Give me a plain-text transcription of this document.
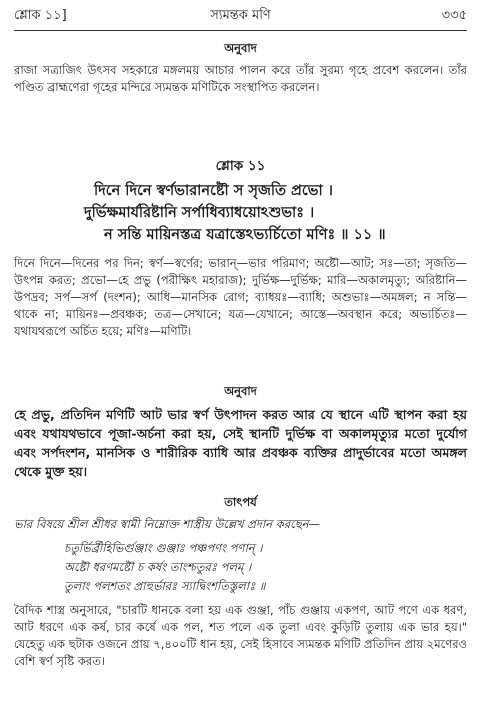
শ্লোক ১১]	স্যমন্তক মণি	৩৩৫
অনুবাদ
রাজা সত্রাজিৎ উৎসব সহকারে মঙ্গলময় আচার পালন করে তাঁর সুরম্য গৃহে প্রবেশ করলেন। তাঁর পণ্ডিত ব্রাহ্মণেরা গৃহের মন্দিরে স্যমন্তক মণিটিকে সংস্থাপিত করলেন।
শ্লোক ১১
দিনে দিনে স্বর্ণভারানষ্টৌ স সৃজতি প্রভো ।
দুর্ভিক্ষমার্যরিষ্টানি সর্পাধিব্যাধয়োঽশুভাঃ ।
ন সন্তি মায়িনস্তত্র যত্রাস্তেঽভ্যর্চিতো মণিঃ ॥ ১১ ॥
দিনে দিনে—দিনের পর দিন; স্বর্ণ—স্বর্ণের; ভারান্—ভার পরিমাণ; অষ্টৌ—আট; সঃ—তা; সৃজতি—উৎপন্ন করত; প্রভো—হে প্রভু (পরীক্ষিৎ মহারাজ); দুর্ভিক্ষ—দুর্ভিক্ষ; মারি—অকালমৃত্যু; অরিষ্টানি—উপদ্রব; সর্প—সর্প (দংশন); আধি—মানসিক রোগ; ব্যাধয়ঃ—ব্যাধি; অশুভাঃ—অমঙ্গল; ন সন্তি—থাকে না; মায়িনঃ—প্রবঞ্চক; তত্র—সেখানে; যত্র—যেখানে; আস্তে—অবস্থান করে; অভ্যর্চিতঃ—যথাযথরূপে অর্চিত হয়ে; মণিঃ—মণিটি।
অনুবাদ
হে প্রভু, প্রতিদিন মণিটি আট ভার স্বর্ণ উৎপাদন করত আর যে স্থানে এটি স্থাপন করা হয় এবং যথাযথভাবে পূজা-অর্চনা করা হয়, সেই স্থানটি দুর্ভিক্ষ বা অকালমৃত্যুর মতো দুর্যোগ এবং সর্পদংশন, মানসিক ও শারীরিক ব্যাধি আর প্রবঞ্চক ব্যক্তির প্রাদুর্ভাবের মতো অমঙ্গল থেকে মুক্ত হয়।
তাৎপর্য
ভার বিষয়ে শ্রীল শ্রীধর স্বামী নিম্নোক্ত শাস্ত্রীয় উল্লেখ প্রদান করছেন—
চতুর্ভির্ব্রীহিভির্গুঞ্জাং গুঞ্জাঃ পঞ্চপণং পণান্ ।
অষ্টৌ ধরণমষ্টৌ চ কর্ষং তাংশ্চতুরঃ পলম্ ।
তুলাং পলশতং প্রাহুর্ভারঃ স্যাদ্বিংশতিস্তুলাঃ ॥
বৈদিক শাস্ত্র অনুসারে, "চারটি ধানকে বলা হয় এক গুঞ্জা, পাঁচ গুঞ্জায় একপণ, আট পণে এক ধরণ, আট ধরণে এক কর্ষ, চার কর্ষে এক পল, শত পলে এক তুলা এবং কুড়িটি তুলায় এক ভার হয়।" যেহেতু এক ছটাক ওজনে প্রায় ৭,৪০০টি ধান হয়, সেই হিসাবে স্যমন্তক মণিটি প্রতিদিন প্রায় ২মণেরও বেশি স্বর্ণ সৃষ্টি করত।
